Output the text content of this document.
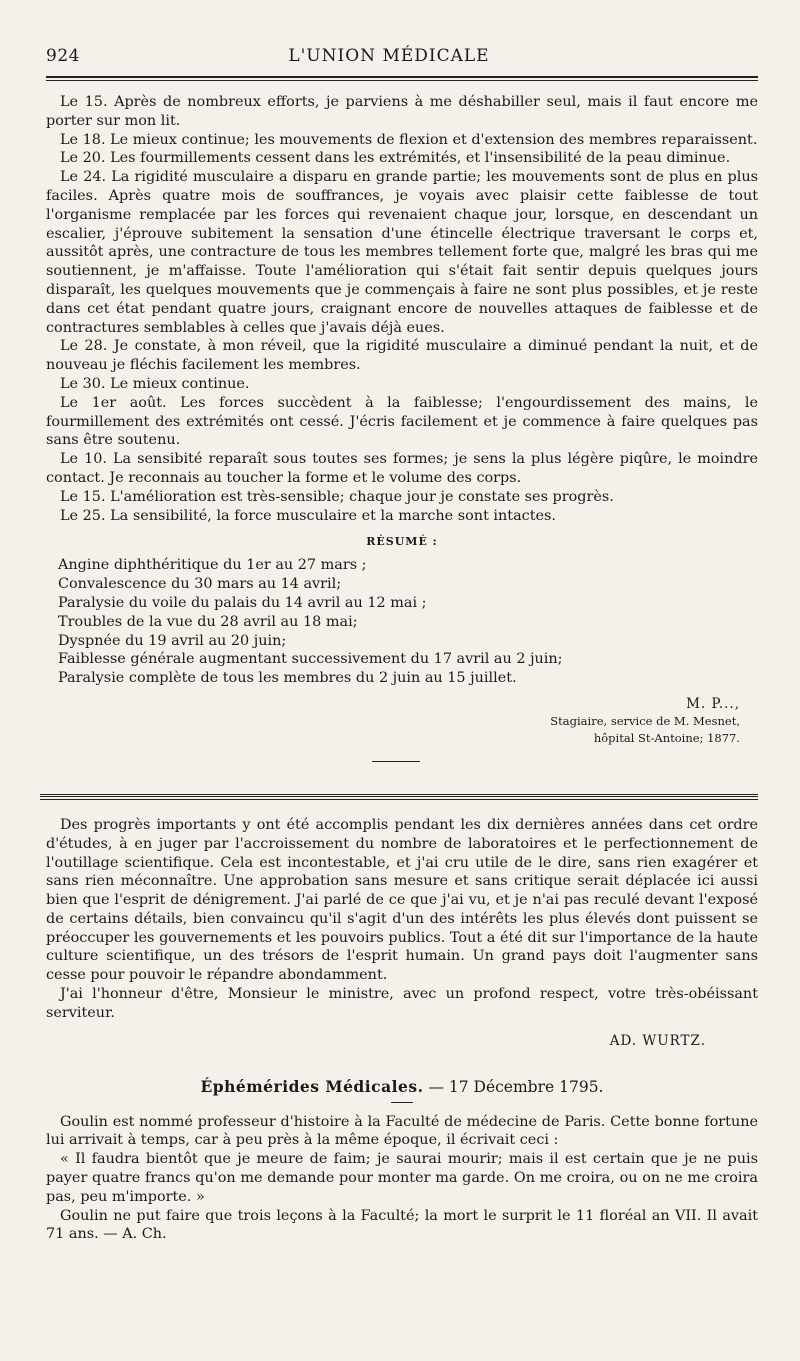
924	L'UNION MÉDICALE

Le 15. Après de nombreux efforts, je parviens à me déshabiller seul, mais il faut encore me porter sur mon lit.

Le 18. Le mieux continue; les mouvements de flexion et d'extension des membres reparaissent.

Le 20. Les fourmillements cessent dans les extrémités, et l'insensibilité de la peau diminue.

Le 24. La rigidité musculaire a disparu en grande partie; les mouvements sont de plus en plus faciles. Après quatre mois de souffrances, je voyais avec plaisir cette faiblesse de tout l'organisme remplacée par les forces qui revenaient chaque jour, lorsque, en descendant un escalier, j'éprouve subitement la sensation d'une étincelle électrique traversant le corps et, aussitôt après, une contracture de tous les membres tellement forte que, malgré les bras qui me soutiennent, je m'affaisse. Toute l'amélioration qui s'était fait sentir depuis quelques jours disparaît, les quelques mouvements que je commençais à faire ne sont plus possibles, et je reste dans cet état pendant quatre jours, craignant encore de nouvelles attaques de faiblesse et de contractures semblables à celles que j'avais déjà eues.

Le 28. Je constate, à mon réveil, que la rigidité musculaire a diminué pendant la nuit, et de nouveau je fléchis facilement les membres.

Le 30. Le mieux continue.

Le 1er août. Les forces succèdent à la faiblesse; l'engourdissement des mains, le fourmillement des extrémités ont cessé. J'écris facilement et je commence à faire quelques pas sans être soutenu.

Le 10. La sensibité reparaît sous toutes ses formes; je sens la plus légère piqûre, le moindre contact. Je reconnais au toucher la forme et le volume des corps.

Le 15. L'amélioration est très-sensible; chaque jour je constate ses progrès.

Le 25. La sensibilité, la force musculaire et la marche sont intactes.

RÉSUMÉ :

Angine diphthéritique du 1er au 27 mars ;

Convalescence du 30 mars au 14 avril;

Paralysie du voile du palais du 14 avril au 12 mai ;

Troubles de la vue du 28 avril au 18 mai;

Dyspnée du 19 avril au 20 juin;

Faiblesse générale augmentant successivement du 17 avril au 2 juin;

Paralysie complète de tous les membres du 2 juin au 15 juillet.

M. P...,
Stagiaire, service de M. Mesnet,
hôpital St-Antoine; 1877.

Des progrès importants y ont été accomplis pendant les dix dernières années dans cet ordre d'études, à en juger par l'accroissement du nombre de laboratoires et le perfectionnement de l'outillage scientifique. Cela est incontestable, et j'ai cru utile de le dire, sans rien exagérer et sans rien méconnaître. Une approbation sans mesure et sans critique serait déplacée ici aussi bien que l'esprit de dénigrement. J'ai parlé de ce que j'ai vu, et je n'ai pas reculé devant l'exposé de certains détails, bien convaincu qu'il s'agit d'un des intérêts les plus élevés dont puissent se préoccuper les gouvernements et les pouvoirs publics. Tout a été dit sur l'importance de la haute culture scientifique, un des trésors de l'esprit humain. Un grand pays doit l'augmenter sans cesse pour pouvoir le répandre abondamment.

J'ai l'honneur d'être, Monsieur le ministre, avec un profond respect, votre très-obéissant serviteur.

AD. WURTZ.
Éphémérides Médicales. — 17 Décembre 1795.

Goulin est nommé professeur d'histoire à la Faculté de médecine de Paris. Cette bonne fortune lui arrivait à temps, car à peu près à la même époque, il écrivait ceci :

« Il faudra bientôt que je meure de faim; je saurai mourir; mais il est certain que je ne puis payer quatre francs qu'on me demande pour monter ma garde. On me croira, ou on ne me croira pas, peu m'importe. »

Goulin ne put faire que trois leçons à la Faculté; la mort le surprit le 11 floréal an VII. Il avait 71 ans. — A. Ch.
